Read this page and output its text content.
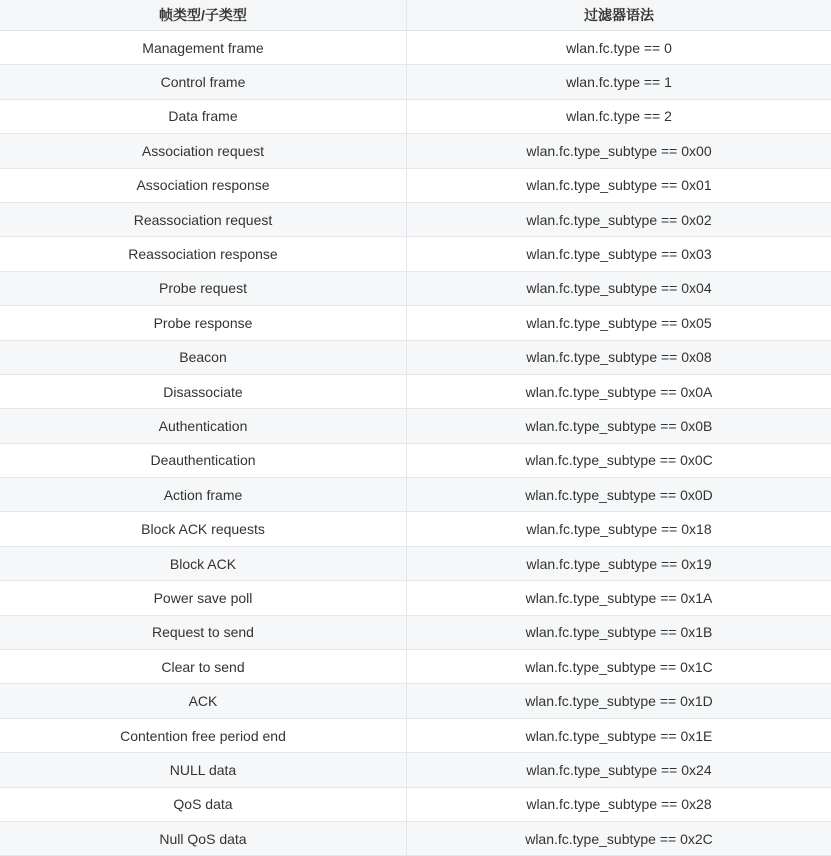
帧类型/子类型	过滤器语法
Management frame	wlan.fc.type == 0
Control frame	wlan.fc.type == 1
Data frame	wlan.fc.type == 2
Association request	wlan.fc.type_subtype == 0x00
Association response	wlan.fc.type_subtype == 0x01
Reassociation request	wlan.fc.type_subtype == 0x02
Reassociation response	wlan.fc.type_subtype == 0x03
Probe request	wlan.fc.type_subtype == 0x04
Probe response	wlan.fc.type_subtype == 0x05
Beacon	wlan.fc.type_subtype == 0x08
Disassociate	wlan.fc.type_subtype == 0x0A
Authentication	wlan.fc.type_subtype == 0x0B
Deauthentication	wlan.fc.type_subtype == 0x0C
Action frame	wlan.fc.type_subtype == 0x0D
Block ACK requests	wlan.fc.type_subtype == 0x18
Block ACK	wlan.fc.type_subtype == 0x19
Power save poll	wlan.fc.type_subtype == 0x1A
Request to send	wlan.fc.type_subtype == 0x1B
Clear to send	wlan.fc.type_subtype == 0x1C
ACK	wlan.fc.type_subtype == 0x1D
Contention free period end	wlan.fc.type_subtype == 0x1E
NULL data	wlan.fc.type_subtype == 0x24
QoS data	wlan.fc.type_subtype == 0x28
Null QoS data	wlan.fc.type_subtype == 0x2C
